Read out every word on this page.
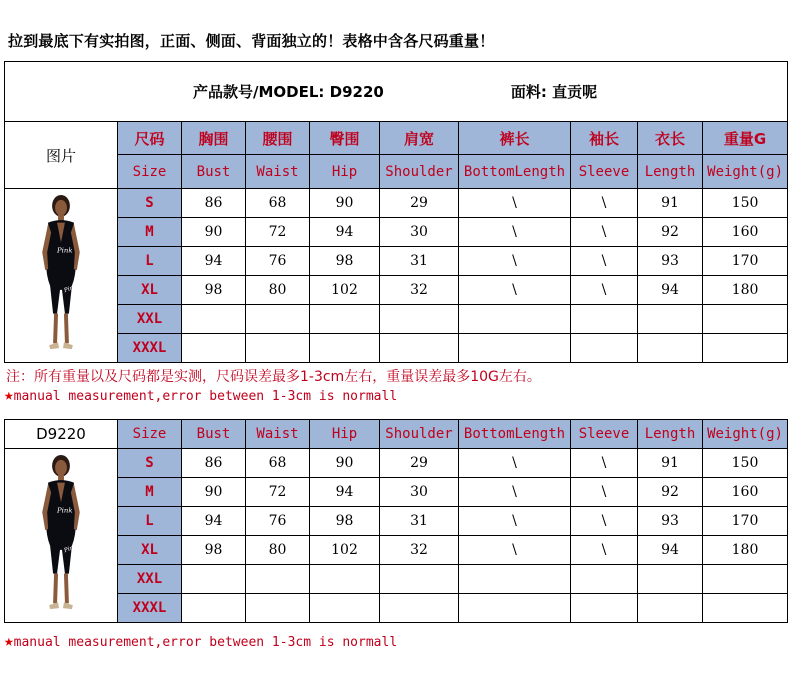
拉到最底下有实拍图，正面、侧面、背面独立的！表格中含各尺码重量！
产品款号/MODEL: D9220 面料: 直贡呢									

图片	尺码	胸围	腰围	臀围	肩宽	裤长	袖长	衣长	重量G
	Size	Bust	Waist	Hip	Shoulder	BottomLength	Sleeve	Length	Weight(g)

Pink
Pink	S	86	68	90	29	\	\	91	150
	M	90	72	94	30	\	\	92	160
	L	94	76	98	31	\	\	93	170
	XL	98	80	102	32	\	\	94	180
	XXL								
	XXXL								
注：所有重量以及尺码都是实测，尺码误差最多1-3cm左右，重量误差最多10G左右。
★manual measurement,error between 1-3cm is normall
D9220	Size	Bust	Waist	Hip	Shoulder	BottomLength	Sleeve	Length	Weight(g)

Pink
Pink	S	86	68	90	29	\	\	91	150
	M	90	72	94	30	\	\	92	160
	L	94	76	98	31	\	\	93	170
	XL	98	80	102	32	\	\	94	180
	XXL								
	XXXL								
★manual measurement,error between 1-3cm is normall
